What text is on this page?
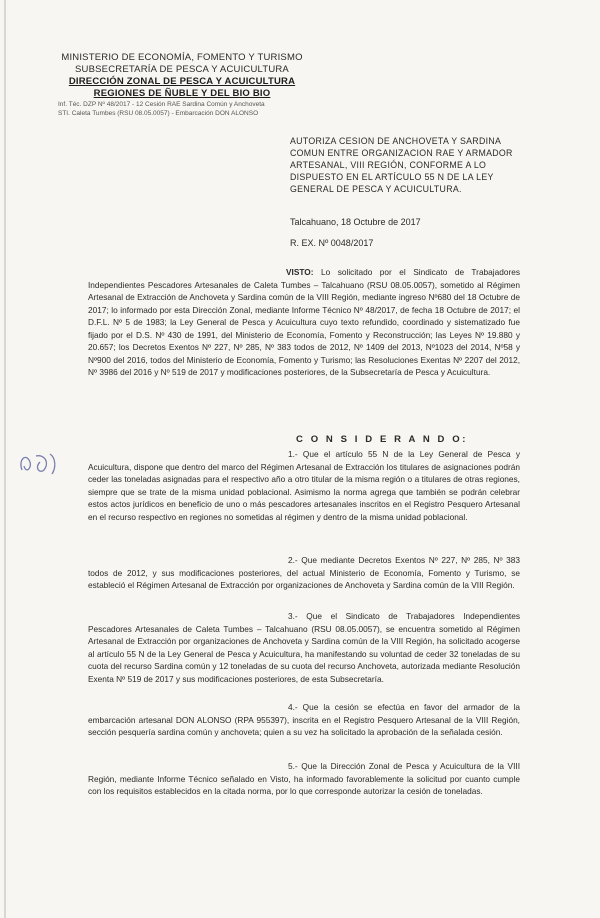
MINISTERIO DE ECONOMÍA, FOMENTO Y TURISMO
SUBSECRETARÍA DE PESCA Y ACUICULTURA
DIRECCIÓN ZONAL DE PESCA Y ACUICULTURA
REGIONES DE ÑUBLE Y DEL BIO BIO
Inf. Téc. DZP Nº 48/2017 - 12 Cesión RAE Sardina Común y Anchoveta
STI. Caleta Tumbes (RSU 08.05.0057) - Embarcación DON ALONSO
AUTORIZA CESION DE ANCHOVETA Y SARDINA COMUN ENTRE ORGANIZACION RAE Y ARMADOR ARTESANAL, VIII REGIÓN, CONFORME A LO DISPUESTO EN EL ARTÍCULO 55 N DE LA LEY GENERAL DE PESCA Y ACUICULTURA.
Talcahuano, 18 Octubre de 2017
R. EX. Nº 0048/2017
VISTO: Lo solicitado por el Sindicato de Trabajadores Independientes Pescadores Artesanales de Caleta Tumbes – Talcahuano (RSU 08.05.0057), sometido al Régimen Artesanal de Extracción de Anchoveta y Sardina común de la VIII Región, mediante ingreso Nº680 del 18 Octubre de 2017; lo informado por esta Dirección Zonal, mediante Informe Técnico Nº 48/2017, de fecha 18 Octubre de 2017; el D.F.L. Nº 5 de 1983; la Ley General de Pesca y Acuicultura cuyo texto refundido, coordinado y sistematizado fue fijado por el D.S. Nº 430 de 1991, del Ministerio de Economía, Fomento y Reconstrucción; las Leyes Nº 19.880 y 20.657; los Decretos Exentos Nº 227, Nº 285, Nº 383 todos de 2012, Nº 1409 del 2013, Nº1023 del 2014, Nº58 y Nº900 del 2016, todos del Ministerio de Economía, Fomento y Turismo; las Resoluciones Exentas Nº 2207 del 2012, Nº 3986 del 2016 y Nº 519 de 2017 y modificaciones posteriores, de la Subsecretaría de Pesca y Acuicultura.
C O N S I D E R A N D O:
1.- Que el artículo 55 N de la Ley General de Pesca y Acuicultura, dispone que dentro del marco del Régimen Artesanal de Extracción los titulares de asignaciones podrán ceder las toneladas asignadas para el respectivo año a otro titular de la misma región o a titulares de otras regiones, siempre que se trate de la misma unidad poblacional. Asimismo la norma agrega que también se podrán celebrar estos actos jurídicos en beneficio de uno o más pescadores artesanales inscritos en el Registro Pesquero Artesanal en el recurso respectivo en regiones no sometidas al régimen y dentro de la misma unidad poblacional.
2.- Que mediante Decretos Exentos Nº 227, Nº 285, Nº 383 todos de 2012, y sus modificaciones posteriores, del actual Ministerio de Economía, Fomento y Turismo, se estableció el Régimen Artesanal de Extracción por organizaciones de Anchoveta y Sardina común de la VIII Región.
3.- Que el Sindicato de Trabajadores Independientes Pescadores Artesanales de Caleta Tumbes – Talcahuano (RSU 08.05.0057), se encuentra sometido al Régimen Artesanal de Extracción por organizaciones de Anchoveta y Sardina común de la VIII Región, ha solicitado acogerse al artículo 55 N de la Ley General de Pesca y Acuicultura, ha manifestando su voluntad de ceder 32 toneladas de su cuota del recurso Sardina común y 12 toneladas de su cuota del recurso Anchoveta, autorizada mediante Resolución Exenta Nº 519 de 2017 y sus modificaciones posteriores, de esta Subsecretaría.
4.- Que la cesión se efectúa en favor del armador de la embarcación artesanal DON ALONSO (RPA 955397), inscrita en el Registro Pesquero Artesanal de la VIII Región, sección pesquería sardina común y anchoveta; quien a su vez ha solicitado la aprobación de la señalada cesión.
5.- Que la Dirección Zonal de Pesca y Acuicultura de la VIII Región, mediante Informe Técnico señalado en Visto, ha informado favorablemente la solicitud por cuanto cumple con los requisitos establecidos en la citada norma, por lo que corresponde autorizar la cesión de toneladas.
